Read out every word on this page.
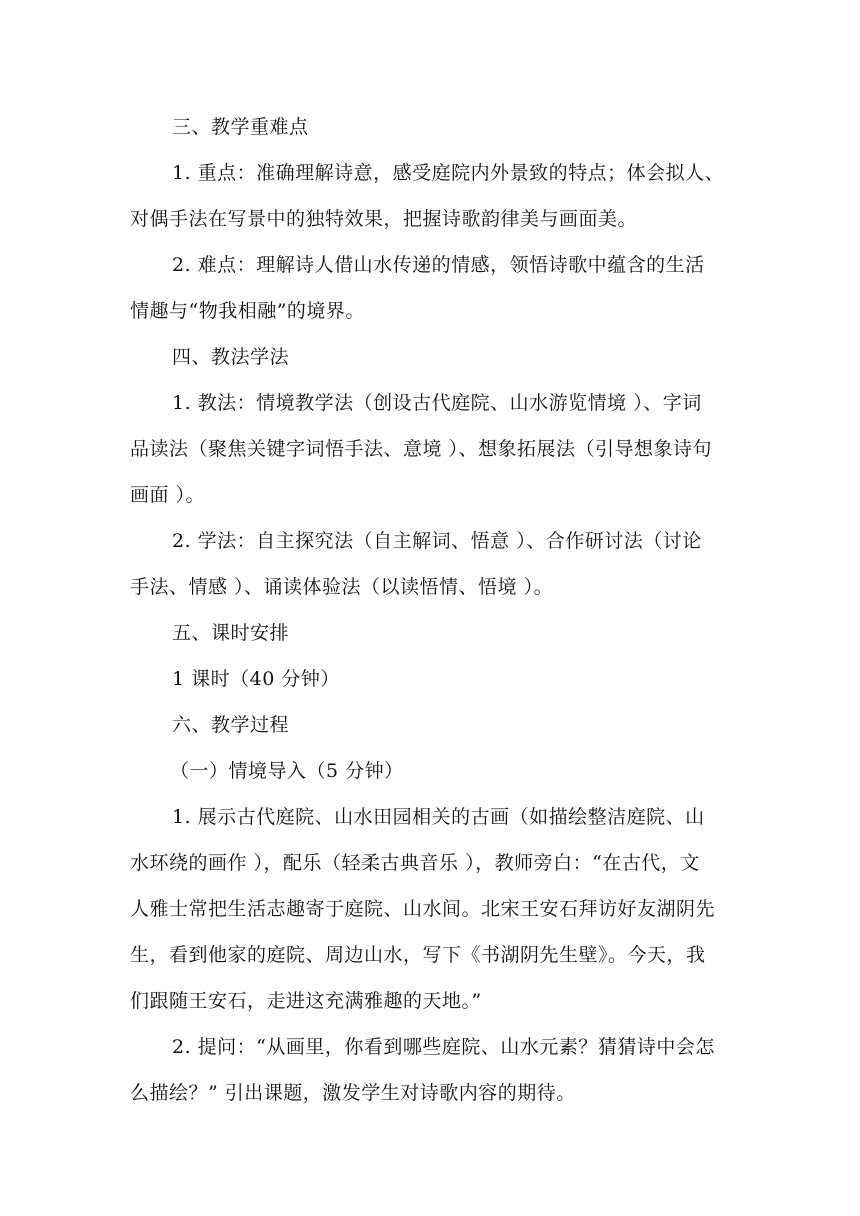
三、教学重难点
1. 重点：准确理解诗意，感受庭院内外景致的特点；体会拟人、
对偶手法在写景中的独特效果，把握诗歌韵律美与画面美。
2. 难点：理解诗人借山水传递的情感，领悟诗歌中蕴含的生活
情趣与“物我相融”的境界。
四、教法学法
1. 教法：情境教学法（创设古代庭院、山水游览情境 ）、字词
品读法（聚焦关键字词悟手法、意境 ）、想象拓展法（引导想象诗句
画面 ）。
2. 学法：自主探究法（自主解词、悟意 ）、合作研讨法（讨论
手法、情感 ）、诵读体验法（以读悟情、悟境 ）。
五、课时安排
1 课时（40 分钟）
六、教学过程
（一）情境导入（5 分钟）
1. 展示古代庭院、山水田园相关的古画（如描绘整洁庭院、山
水环绕的画作 ），配乐（轻柔古典音乐 ），教师旁白：“在古代，文
人雅士常把生活志趣寄于庭院、山水间。北宋王安石拜访好友湖阴先
生，看到他家的庭院、周边山水，写下《书湖阴先生壁》。今天，我
们跟随王安石，走进这充满雅趣的天地。”
2. 提问：“从画里，你看到哪些庭院、山水元素？猜猜诗中会怎
么描绘？” 引出课题，激发学生对诗歌内容的期待。
